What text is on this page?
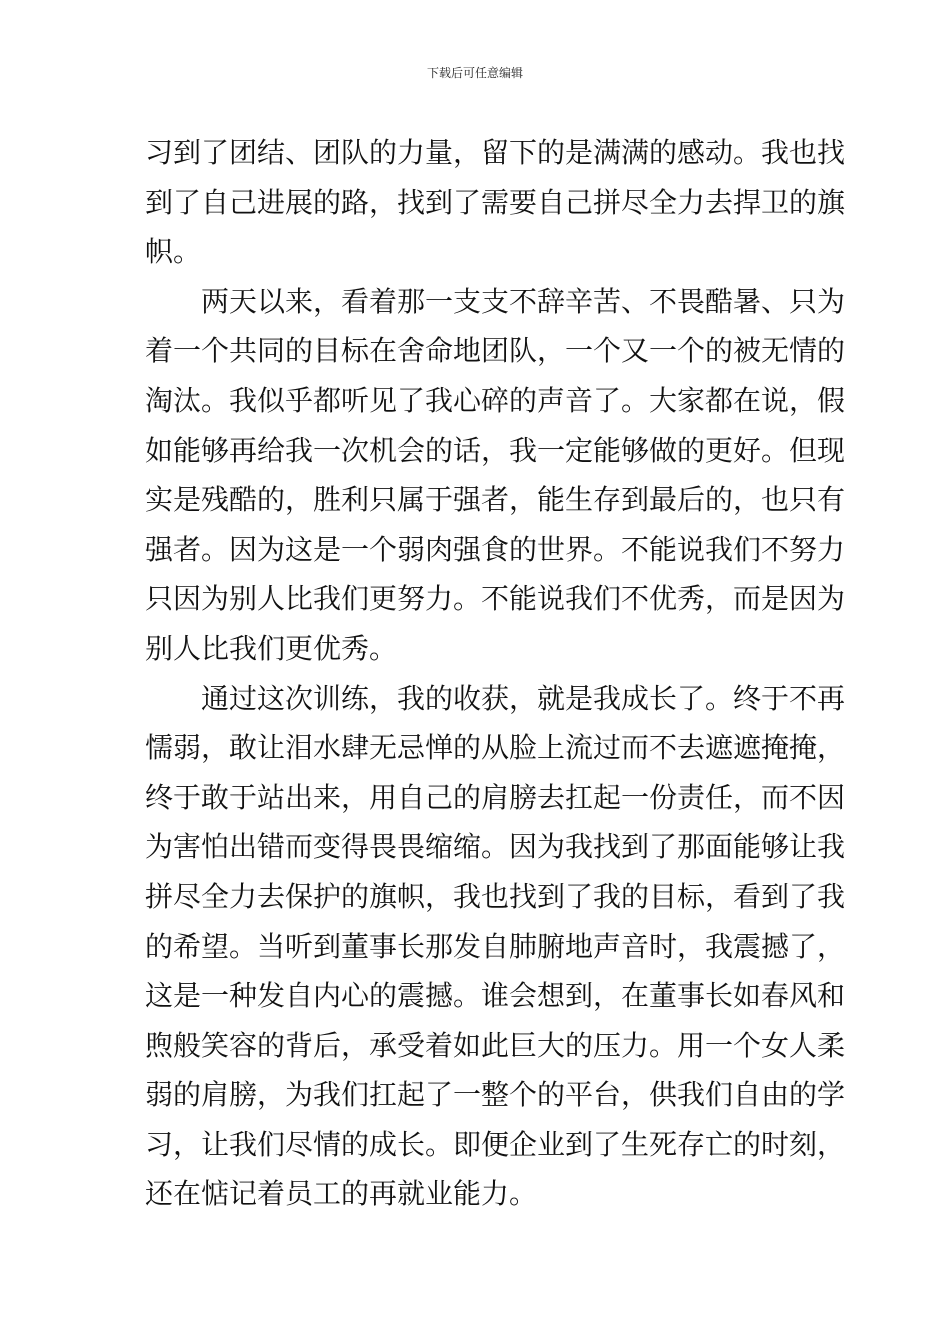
下载后可任意编辑
习到了团结、团队的力量，留下的是满满的感动。我也找
到了自己进展的路，找到了需要自己拼尽全力去捍卫的旗
帜。
两天以来，看着那一支支不辞辛苦、不畏酷暑、只为
着一个共同的目标在舍命地团队，一个又一个的被无情的
淘汰。我似乎都听见了我心碎的声音了。大家都在说，假
如能够再给我一次机会的话，我一定能够做的更好。但现
实是残酷的，胜利只属于强者，能生存到最后的，也只有
强者。因为这是一个弱肉强食的世界。不能说我们不努力
只因为别人比我们更努力。不能说我们不优秀，而是因为
别人比我们更优秀。
通过这次训练，我的收获，就是我成长了。终于不再
懦弱，敢让泪水肆无忌惮的从脸上流过而不去遮遮掩掩，
终于敢于站出来，用自己的肩膀去扛起一份责任，而不因
为害怕出错而变得畏畏缩缩。因为我找到了那面能够让我
拼尽全力去保护的旗帜，我也找到了我的目标，看到了我
的希望。当听到董事长那发自肺腑地声音时，我震撼了，
这是一种发自内心的震撼。谁会想到，在董事长如春风和
煦般笑容的背后，承受着如此巨大的压力。用一个女人柔
弱的肩膀，为我们扛起了一整个的平台，供我们自由的学
习，让我们尽情的成长。即便企业到了生死存亡的时刻，
还在惦记着员工的再就业能力。
